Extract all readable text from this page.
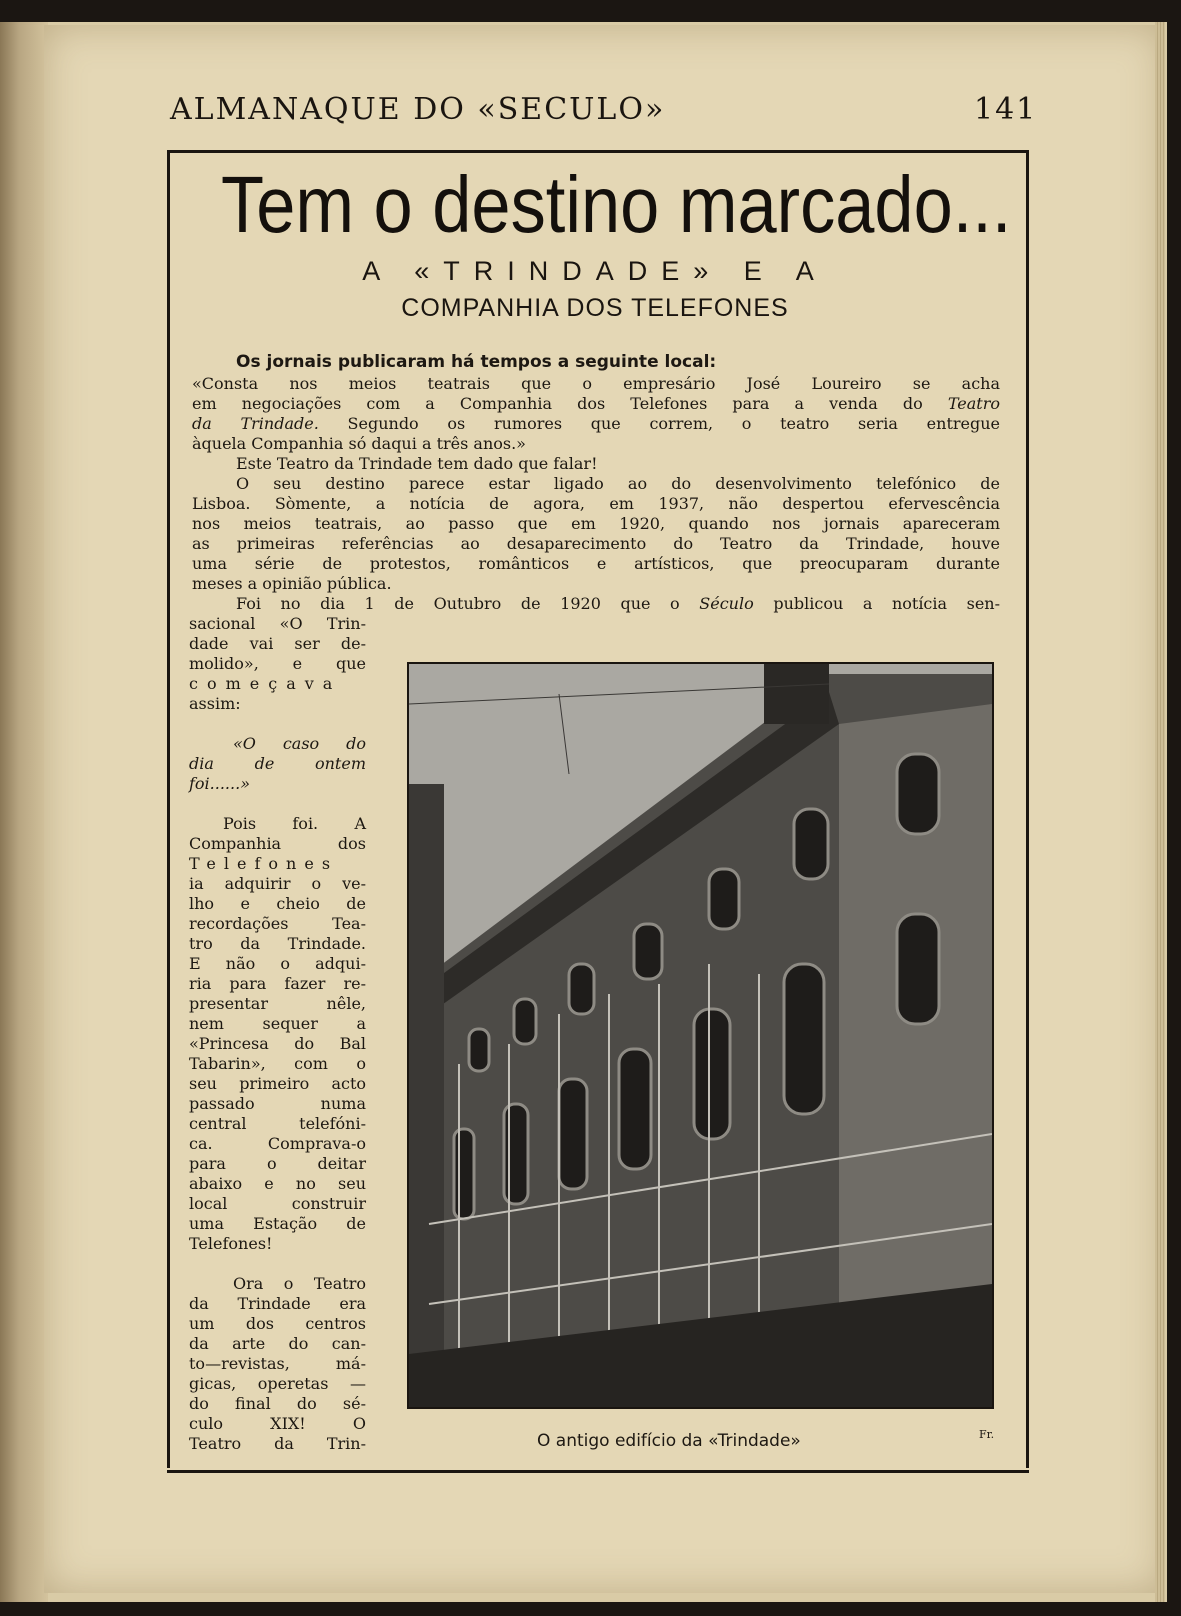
ALMANAQUE DO «SECULO»	141
Tem o destino marcado...
A «TRINDADE» E A
COMPANHIA DOS TELEFONES
Os jornais publicaram há tempos a seguinte local:
«Consta nos meios teatrais que o empresário José Loureiro se acha
em negociações com a Companhia dos Telefones para a venda do Teatro
da Trindade. Segundo os rumores que correm, o teatro seria entregue
àquela Companhia só daqui a três anos.»
Este Teatro da Trindade tem dado que falar!
O seu destino parece estar ligado ao do desenvolvimento telefónico de
Lisboa. Sòmente, a notícia de agora, em 1937, não despertou efervescência
nos meios teatrais, ao passo que em 1920, quando nos jornais apareceram
as primeiras referências ao desaparecimento do Teatro da Trindade, houve
uma série de protestos, românticos e artísticos, que preocuparam durante
meses a opinião pública.
Foi no dia 1 de Outubro de 1920 que o Século publicou a notícia sen-
sacional «O Trin-
dade vai ser de-
molido», e que
começava
assim:
«O caso do
dia de ontem
foi......»
Pois foi. A
Companhia dos
Telefones
ia adquirir o ve-
lho e cheio de
recordações Tea-
tro da Trindade.
E não o adqui-
ria para fazer re-
presentar nêle,
nem sequer a
«Princesa do Bal
Tabarin», com o
seu primeiro acto
passado numa
central telefóni-
ca. Comprava-o
para o deitar
abaixo e no seu
local construir
uma Estação de
Telefones!
Ora o Teatro
da Trindade era
um dos centros
da arte do can-
to—revistas, má-
gicas, operetas —
do final do sé-
culo XIX! O
Teatro da Trin-	O antigo edifício da «Trindade»	Fr.
